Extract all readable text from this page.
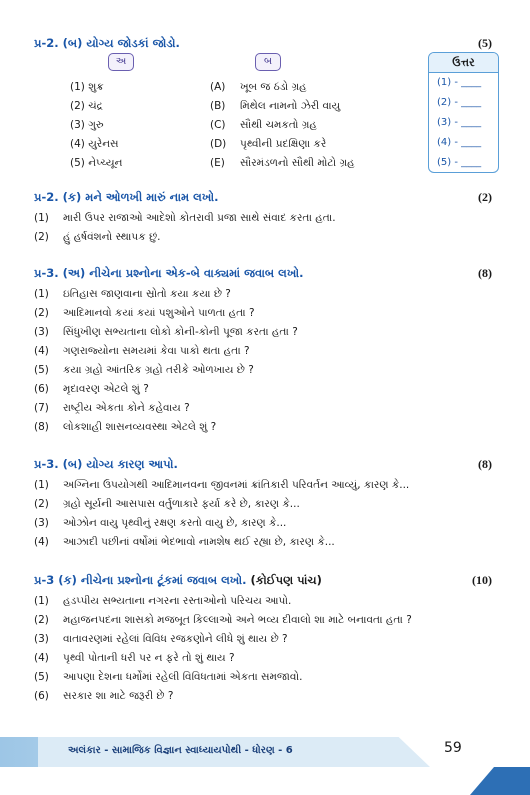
પ્ર-2. (બ) યોગ્ય જોડકાં જોડો.	(5)
અ	બ	ઉત્તર
(1) - ____
(2) - ____
(3) - ____
(4) - ____
(5) - ____
(1) શુક્ર	(A)	ખૂબ જ ઠંડો ગ્રહ
(2) ચંદ્ર	(B)	મિથેલ નામનો ઝેરી વાયુ
(3) ગુરુ	(C)	સૌથી ચમકતો ગ્રહ
(4) યુરેનસ	(D)	પૃથ્વીની પ્રદક્ષિણા કરે
(5) નેપ્ચ્યૂન	(E)	સૌરમંડળનો સૌથી મોટો ગ્રહ
પ્ર-2. (ક) મને ઓળખી મારું નામ લખો.	(2)
(1)	મારી ઉપર રાજાઓ આદેશો કોતરાવી પ્રજા સાથે સંવાદ કરતા હતા.
(2)	હું હર્ષવંશનો સ્થાપક છું.
પ્ર-3. (અ) નીચેના પ્રશ્નોના એક-બે વાક્યમાં જવાબ લખો.	(8)
(1)	ઇતિહાસ જાણવાના સ્રોતો કયા કયા છે ?
(2)	આદિમાનવો કયાં કયાં પશુઓને પાળતા હતા ?
(3)	સિંધુખીણ સભ્યતાના લોકો કોની-કોની પૂજા કરતા હતા ?
(4)	ગણરાજ્યોના સમયમાં કેવા પાકો થતા હતા ?
(5)	કયા ગ્રહો આંતરિક ગ્રહો તરીકે ઓળખાય છે ?
(6)	મૃદાવરણ એટલે શું ?
(7)	રાષ્ટ્રીય એકતા કોને કહેવાય ?
(8)	લોકશાહી શાસનવ્યવસ્થા એટલે શું ?
પ્ર-3. (બ) યોગ્ય કારણ આપો.	(8)
(1)	અગ્નિના ઉપયોગથી આદિમાનવના જીવનમાં ક્રાંતિકારી પરિવર્તન આવ્યું, કારણ કે...
(2)	ગ્રહો સૂર્યની આસપાસ વર્તુળાકારે ફર્યા કરે છે, કારણ કે...
(3)	ઓઝોન વાયુ પૃથ્વીનું રક્ષણ કરતો વાયુ છે, કારણ કે...
(4)	આઝાદી પછીનાં વર્ષોમાં ભેદભાવો નામશેષ થઈ રહ્યા છે, કારણ કે...
પ્ર-3 (ક) નીચેના પ્રશ્નોના ટૂંકમાં જવાબ લખો. (કોઈપણ પાંચ)	(10)
(1)	હડપ્પીય સભ્યતાના નગરના રસ્તાઓનો પરિચય આપો.
(2)	મહાજનપદના શાસકો મજબૂત કિલ્લાઓ અને ભવ્ય દીવાલો શા માટે બનાવતા હતા ?
(3)	વાતાવરણમાં રહેલાં વિવિધ રજકણોને લીધે શું થાય છે ?
(4)	પૃથ્વી પોતાની ધરી પર ન ફરે તો શું થાય ?
(5)	આપણા દેશના ધર્મોમાં રહેલી વિવિધતામાં એકતા સમજાવો.
(6)	સરકાર શા માટે જરૂરી છે ?
અલંકાર - સામાજિક વિજ્ઞાન સ્વાધ્યાયપોથી - ધોરણ - 6	59
